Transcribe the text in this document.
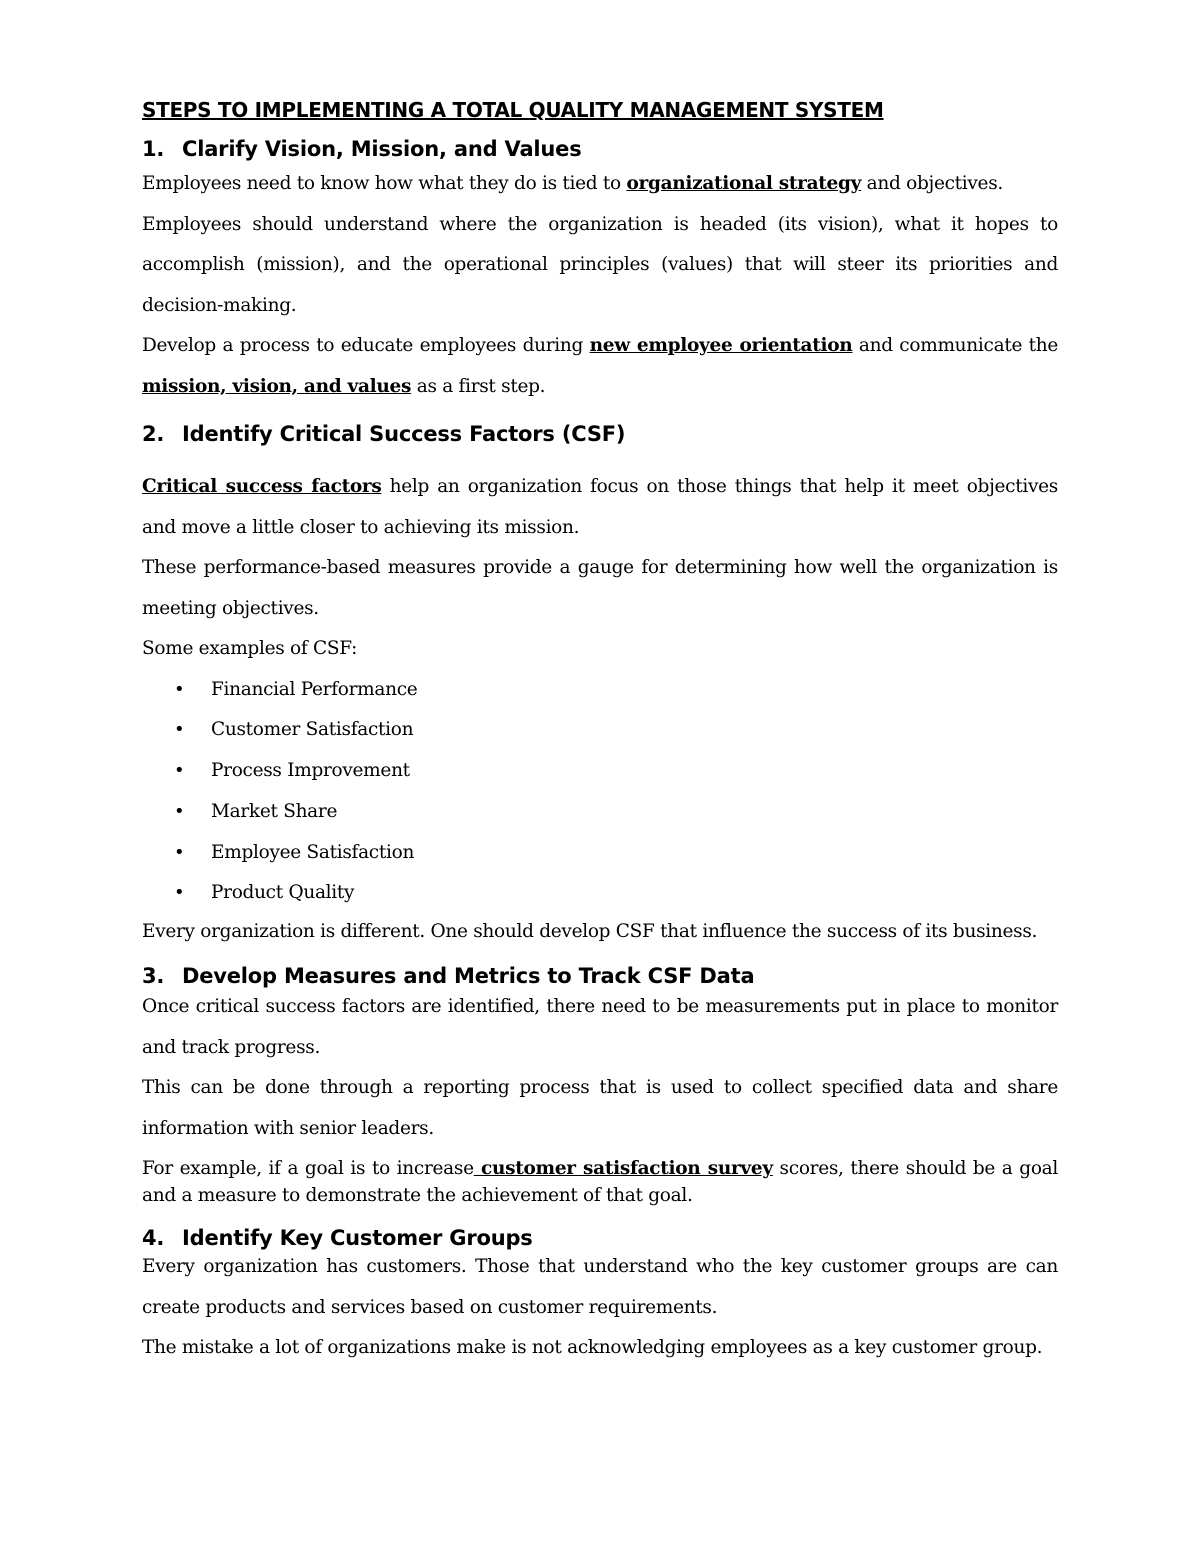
STEPS TO IMPLEMENTING A TOTAL QUALITY MANAGEMENT SYSTEM
1. Clarify Vision, Mission, and Values

Employees need to know how what they do is tied to organizational strategy and objectives.

Employees should understand where the organization is headed (its vision), what it hopes to accomplish (mission), and the operational principles (values) that will steer its priorities and decision-making.

Develop a process to educate employees during new employee orientation and communicate the mission, vision, and values as a first step.

2. Identify Critical Success Factors (CSF)

Critical success factors help an organization focus on those things that help it meet objectives and move a little closer to achieving its mission.

These performance-based measures provide a gauge for determining how well the organization is meeting objectives.

Some examples of CSF:

• Financial Performance
• Customer Satisfaction
• Process Improvement
• Market Share
• Employee Satisfaction
• Product Quality

Every organization is different. One should develop CSF that influence the success of its business.

3. Develop Measures and Metrics to Track CSF Data

Once critical success factors are identified, there need to be measurements put in place to monitor and track progress.

This can be done through a reporting process that is used to collect specified data and share information with senior leaders.

For example, if a goal is to increase customer satisfaction survey scores, there should be a goal and a measure to demonstrate the achievement of that goal.

4. Identify Key Customer Groups

Every organization has customers. Those that understand who the key customer groups are can create products and services based on customer requirements.

The mistake a lot of organizations make is not acknowledging employees as a key customer group.
